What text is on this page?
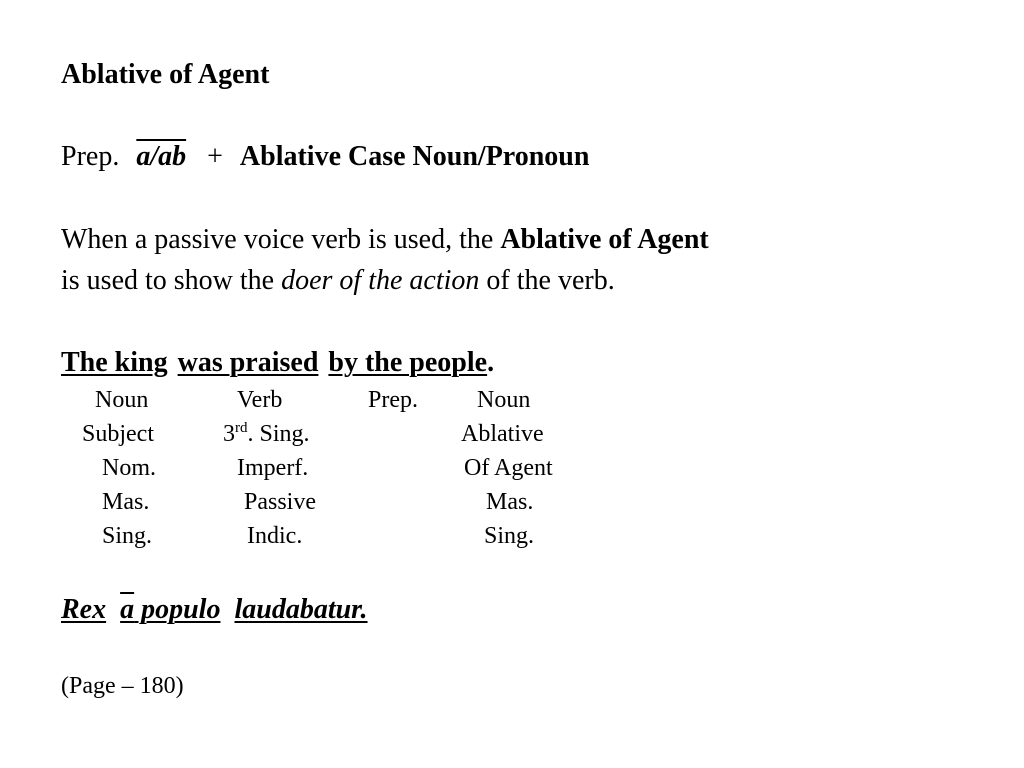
Ablative of Agent
Prep. a/ab + Ablative Case Noun/Pronoun
When a passive voice verb is used, the Ablative of Agent
is used to show the doer of the action of the verb.
The king was praised by the people.
Noun
Subject
Nom.
Mas.
Sing.
Verb
3rd. Sing.
Imperf.
Passive
Indic.
Prep. Noun
Ablative
Of Agent
Mas.
Sing.
Rex a populo laudabatur.
(Page – 180)
